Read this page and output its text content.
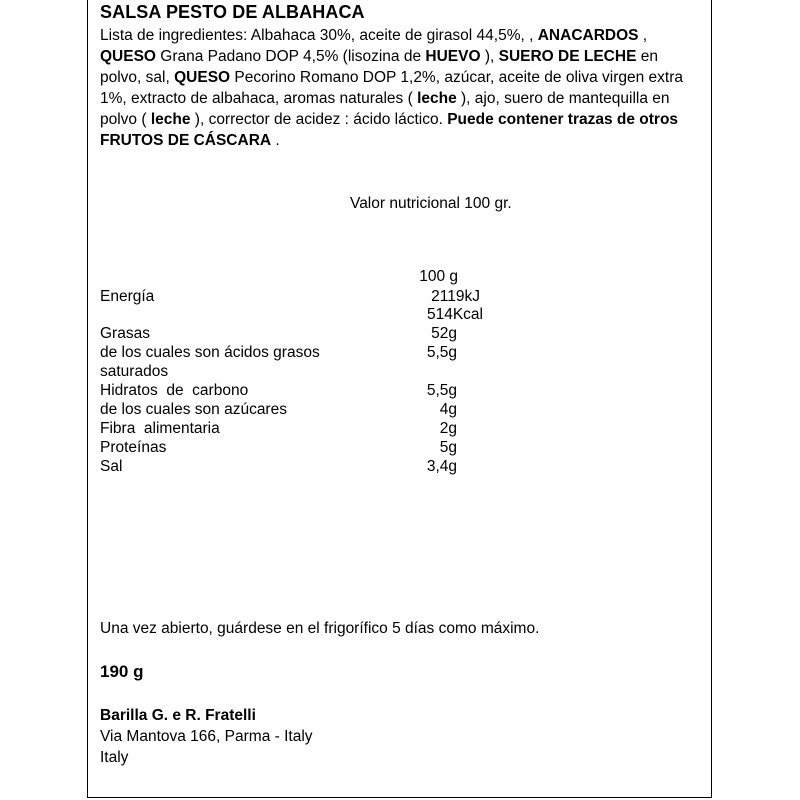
SALSA PESTO DE ALBAHACA
Lista de ingredientes: Albahaca 30%, aceite de girasol 44,5%, , ANACARDOS , QUESO Grana Padano DOP 4,5% (lisozina de HUEVO ), SUERO DE LECHE en polvo, sal, QUESO Pecorino Romano DOP 1,2%, azúcar, aceite de oliva virgen extra 1%, extracto de albahaca, aromas naturales ( leche ), ajo, suero de mantequilla en polvo ( leche ), corrector de acidez : ácido láctico. Puede contener trazas de otros FRUTOS DE CÁSCARA .
Valor nutricional 100 gr.
100 g
Energía	2119kJ
514Kcal
Grasas	52g
de los cuales son ácidos grasos	5,5g
saturados
Hidratos  de  carbono	5,5g
de los cuales son azúcares	4g
Fibra  alimentaria	2g
Proteínas	5g
Sal	3,4g
Una vez abierto, guárdese en el frigorífico 5 días como máximo.
190 g
Barilla G. e R. Fratelli
Via Mantova 166, Parma - Italy
Italy
